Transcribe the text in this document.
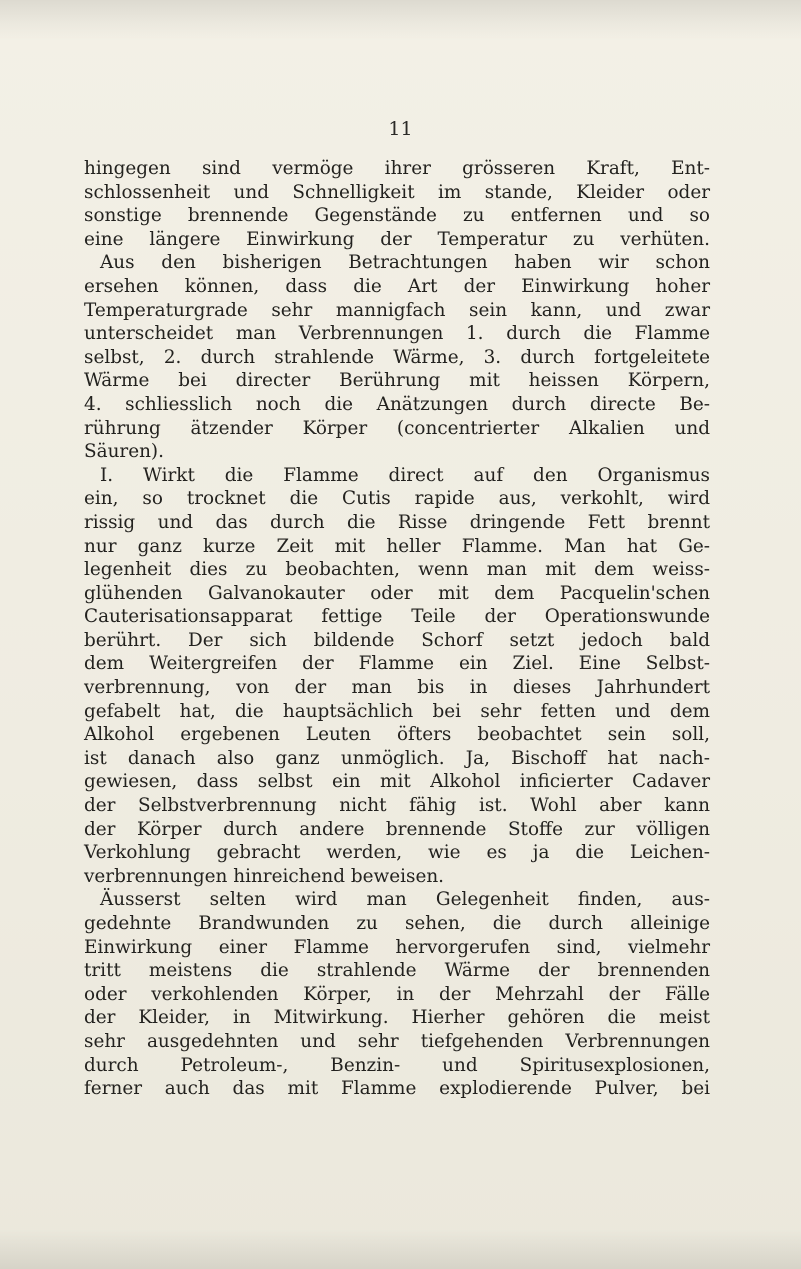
11
hingegen sind vermöge ihrer grösseren Kraft, Ent-
schlossenheit und Schnelligkeit im stande, Kleider oder
sonstige brennende Gegenstände zu entfernen und so
eine längere Einwirkung der Temperatur zu verhüten.
Aus den bisherigen Betrachtungen haben wir schon
ersehen können, dass die Art der Einwirkung hoher
Temperaturgrade sehr mannigfach sein kann, und zwar
unterscheidet man Verbrennungen 1. durch die Flamme
selbst, 2. durch strahlende Wärme, 3. durch fortgeleitete
Wärme bei directer Berührung mit heissen Körpern,
4. schliesslich noch die Anätzungen durch directe Be-
rührung ätzender Körper (concentrierter Alkalien und
Säuren).
I. Wirkt die Flamme direct auf den Organismus
ein, so trocknet die Cutis rapide aus, verkohlt, wird
rissig und das durch die Risse dringende Fett brennt
nur ganz kurze Zeit mit heller Flamme. Man hat Ge-
legenheit dies zu beobachten, wenn man mit dem weiss-
glühenden Galvanokauter oder mit dem Pacquelin'schen
Cauterisationsapparat fettige Teile der Operationswunde
berührt. Der sich bildende Schorf setzt jedoch bald
dem Weitergreifen der Flamme ein Ziel. Eine Selbst-
verbrennung, von der man bis in dieses Jahrhundert
gefabelt hat, die hauptsächlich bei sehr fetten und dem
Alkohol ergebenen Leuten öfters beobachtet sein soll,
ist danach also ganz unmöglich. Ja, Bischoff hat nach-
gewiesen, dass selbst ein mit Alkohol inficierter Cadaver
der Selbstverbrennung nicht fähig ist. Wohl aber kann
der Körper durch andere brennende Stoffe zur völligen
Verkohlung gebracht werden, wie es ja die Leichen-
verbrennungen hinreichend beweisen.
Äusserst selten wird man Gelegenheit finden, aus-
gedehnte Brandwunden zu sehen, die durch alleinige
Einwirkung einer Flamme hervorgerufen sind, vielmehr
tritt meistens die strahlende Wärme der brennenden
oder verkohlenden Körper, in der Mehrzahl der Fälle
der Kleider, in Mitwirkung. Hierher gehören die meist
sehr ausgedehnten und sehr tiefgehenden Verbrennungen
durch Petroleum-, Benzin- und Spiritusexplosionen,
ferner auch das mit Flamme explodierende Pulver, bei
